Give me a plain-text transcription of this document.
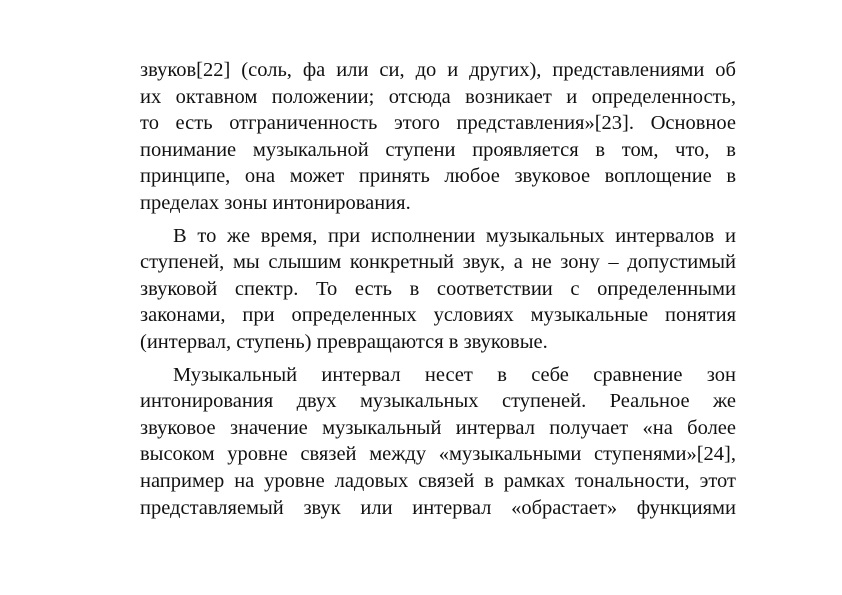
звуков[22] (соль, фа или си, до и других), представлениями об
их октавном положении; отсюда возникает и определенность,
то есть отграниченность этого представления»[23]. Основное
понимание музыкальной ступени проявляется в том, что, в
принципе, она может принять любое звуковое воплощение в
пределах зоны интонирования.
В то же время, при исполнении музыкальных интервалов и
ступеней, мы слышим конкретный звук, а не зону – допустимый
звуковой спектр. То есть в соответствии с определенными
законами, при определенных условиях музыкальные понятия
(интервал, ступень) превращаются в звуковые.
Музыкальный интервал несет в себе сравнение зон
интонирования двух музыкальных ступеней. Реальное же
звуковое значение музыкальный интервал получает «на более
высоком уровне связей между «музыкальными ступенями»[24],
например на уровне ладовых связей в рамках тональности, этот
представляемый звук или интервал «обрастает» функциями
